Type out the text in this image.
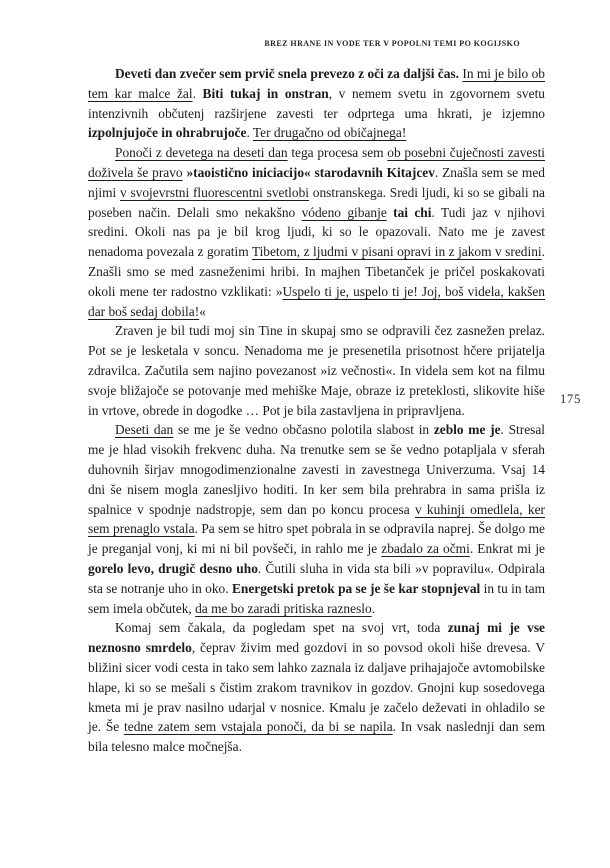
BREZ HRANE IN VODE TER V POPOLNI TEMI PO KOGIJSKO

Deveti dan zvečer sem prvič snela prevezo z oči za daljši čas. In mi je bilo ob tem kar malce žal. Biti tukaj in onstran, v nemem svetu in zgovornem svetu intenzivnih občutenj razširjene zavesti ter odprtega uma hkrati, je izjemno izpolnjujoče in ohrabrujoče. Ter drugačno od običajnega!

Ponoči z devetega na deseti dan tega procesa sem ob posebni čuječnosti zavesti doživela še pravo »taoistično iniciacijo« starodavnih Kitajcev. Znašla sem se med njimi v svojevrstni fluorescentni svetlobi onstranskega. Sredi ljudi, ki so se gibali na poseben način. Delali smo nekakšno vódeno gibanje tai chi. Tudi jaz v njihovi sredini. Okoli nas pa je bil krog ljudi, ki so le opazovali. Nato me je zavest nenadoma povezala z goratim Tibetom, z ljudmi v pisani opravi in z jakom v sredini. Znašli smo se med zasneženimi hribi. In majhen Tibetanček je pričel poskakovati okoli mene ter radostno vzklikati: »Uspelo ti je, uspelo ti je! Joj, boš videla, kakšen dar boš sedaj dobila!«

Zraven je bil tudi moj sin Tine in skupaj smo se odpravili čez zasnežen prelaz. Pot se je lesketala v soncu. Nenadoma me je presenetila prisotnost hčere prijatelja zdravilca. Začutila sem najino povezanost »iz večnosti«. In videla sem kot na filmu svoje bližajoče se potovanje med mehiške Maje, obraze iz preteklosti, slikovite hiše in vrtove, obrede in dogodke … Pot je bila zastavljena in pripravljena.

Deseti dan se me je še vedno občasno polotila slabost in zeblo me je. Stresal me je hlad visokih frekvenc duha. Na trenutke sem se še vedno potapljala v sferah duhovnih širjav mnogodimenzionalne zavesti in zavestnega Univerzuma. Vsaj 14 dni še nisem mogla zanesljivo hoditi. In ker sem bila prehrabra in sama prišla iz spalnice v spodnje nadstropje, sem dan po koncu procesa v kuhinji omedlela, ker sem prenaglo vstala. Pa sem se hitro spet pobrala in se odpravila naprej. Še dolgo me je preganjal vonj, ki mi ni bil povšeči, in rahlo me je zbadalo za očmi. Enkrat mi je gorelo levo, drugič desno uho. Čutili sluha in vida sta bili »v popravilu«. Odpirala sta se notranje uho in oko. Energetski pretok pa se je še kar stopnjeval in tu in tam sem imela občutek, da me bo zaradi pritiska razneslo.

Komaj sem čakala, da pogledam spet na svoj vrt, toda zunaj mi je vse neznosno smrdelo, čeprav živim med gozdovi in so povsod okoli hiše drevesa. V bližini sicer vodi cesta in tako sem lahko zaznala iz daljave prihajajoče avtomobilske hlape, ki so se mešali s čistim zrakom travnikov in gozdov. Gnojni kup sosedovega kmeta mi je prav nasilno udarjal v nosnice. Kmalu je začelo deževati in ohladilo se je. Še tedne zatem sem vstajala ponoči, da bi se napila. In vsak naslednji dan sem bila telesno malce močnejša.

175
